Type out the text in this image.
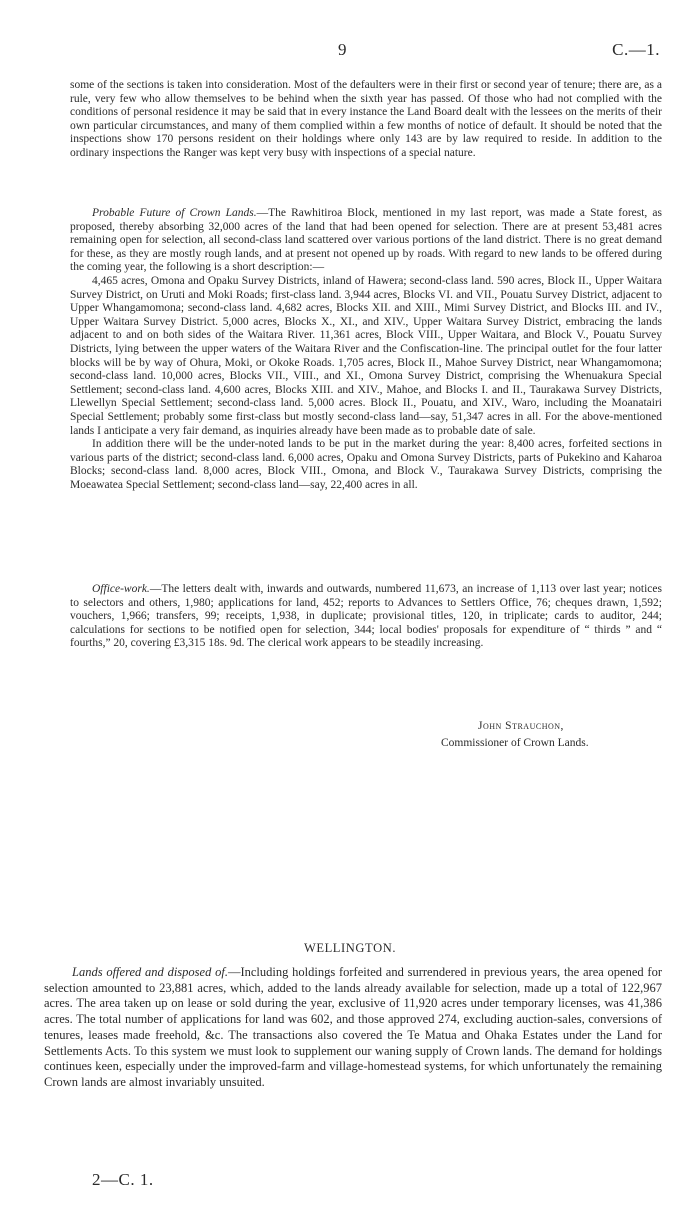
9	C.—1.

some of the sections is taken into consideration. Most of the defaulters were in their first or second year of tenure; there are, as a rule, very few who allow themselves to be behind when the sixth year has passed. Of those who had not complied with the conditions of personal residence it may be said that in every instance the Land Board dealt with the lessees on the merits of their own particular circumstances, and many of them complied within a few months of notice of default. It should be noted that the inspections show 170 persons resident on their holdings where only 143 are by law required to reside. In addition to the ordinary inspections the Ranger was kept very busy with inspections of a special nature.

Probable Future of Crown Lands.—The Rawhitiroa Block, mentioned in my last report, was made a State forest, as proposed, thereby absorbing 32,000 acres of the land that had been opened for selection. There are at present 53,481 acres remaining open for selection, all second-class land scattered over various portions of the land district. There is no great demand for these, as they are mostly rough lands, and at present not opened up by roads. With regard to new lands to be offered during the coming year, the following is a short description:—

4,465 acres, Omona and Opaku Survey Districts, inland of Hawera; second-class land. 590 acres, Block II., Upper Waitara Survey District, on Uruti and Moki Roads; first-class land. 3,944 acres, Blocks VI. and VII., Pouatu Survey District, adjacent to Upper Whangamomona; second-class land. 4,682 acres, Blocks XII. and XIII., Mimi Survey District, and Blocks III. and IV., Upper Waitara Survey District. 5,000 acres, Blocks X., XI., and XIV., Upper Waitara Survey District, embracing the lands adjacent to and on both sides of the Waitara River. 11,361 acres, Block VIII., Upper Waitara, and Block V., Pouatu Survey Districts, lying between the upper waters of the Waitara River and the Confiscation-line. The principal outlet for the four latter blocks will be by way of Ohura, Moki, or Okoke Roads. 1,705 acres, Block II., Mahoe Survey District, near Whangamomona; second-class land. 10,000 acres, Blocks VII., VIII., and XI., Omona Survey District, comprising the Whenuakura Special Settlement; second-class land. 4,600 acres, Blocks XIII. and XIV., Mahoe, and Blocks I. and II., Taurakawa Survey Districts, Llewellyn Special Settlement; second-class land. 5,000 acres. Block II., Pouatu, and XIV., Waro, including the Moanatairi Special Settlement; probably some first-class but mostly second-class land—say, 51,347 acres in all. For the above-mentioned lands I anticipate a very fair demand, as inquiries already have been made as to probable date of sale.

In addition there will be the under-noted lands to be put in the market during the year: 8,400 acres, forfeited sections in various parts of the district; second-class land. 6,000 acres, Opaku and Omona Survey Districts, parts of Pukekino and Kaharoa Blocks; second-class land. 8,000 acres, Block VIII., Omona, and Block V., Taurakawa Survey Districts, comprising the Moeawatea Special Settlement; second-class land—say, 22,400 acres in all.

Office-work.—The letters dealt with, inwards and outwards, numbered 11,673, an increase of 1,113 over last year; notices to selectors and others, 1,980; applications for land, 452; reports to Advances to Settlers Office, 76; cheques drawn, 1,592; vouchers, 1,966; transfers, 99; receipts, 1,938, in duplicate; provisional titles, 120, in triplicate; cards to auditor, 244; calculations for sections to be notified open for selection, 344; local bodies' proposals for expenditure of “ thirds ” and “ fourths,” 20, covering £3,315 18s. 9d. The clerical work appears to be steadily increasing.

John Strauchon,
Commissioner of Crown Lands.
WELLINGTON.

Lands offered and disposed of.—Including holdings forfeited and surrendered in previous years, the area opened for selection amounted to 23,881 acres, which, added to the lands already available for selection, made up a total of 122,967 acres. The area taken up on lease or sold during the year, exclusive of 11,920 acres under temporary licenses, was 41,386 acres. The total number of applications for land was 602, and those approved 274, excluding auction-sales, conversions of tenures, leases made freehold, &c. The transactions also covered the Te Matua and Ohaka Estates under the Land for Settlements Acts. To this system we must look to supplement our waning supply of Crown lands. The demand for holdings continues keen, especially under the improved-farm and village-homestead systems, for which unfortunately the remaining Crown lands are almost invariably unsuited.

2—C. 1.
